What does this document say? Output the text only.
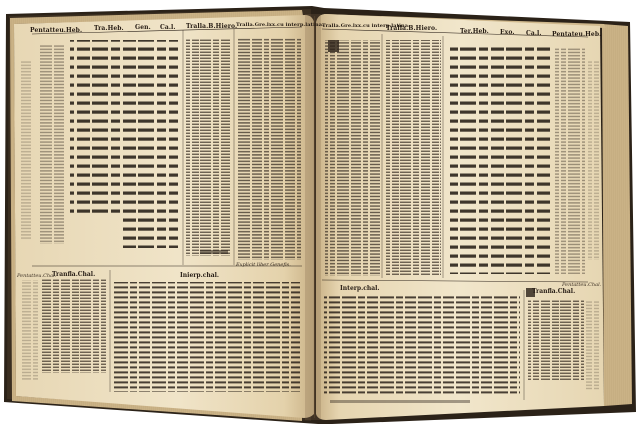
Pentatteu.Heb. Tra.Heb. Gen. Ca.l. Tralla.B.Hiero.
Tralla.Gre.lxx.cu interp.latina.
Pentatteu.Chal.
Tranfla.Chal.	Inierp.chal.
Tralla.Gre.lxx.cu interp.latina.
Tralla.B.Hiero.	Ter.Heb. Exo. Ca.l. Pentateu.Heb.
Explicit liber Genefis.
Interp.chal.	Tranfla.Chal.
Pentatteu.Chal.
